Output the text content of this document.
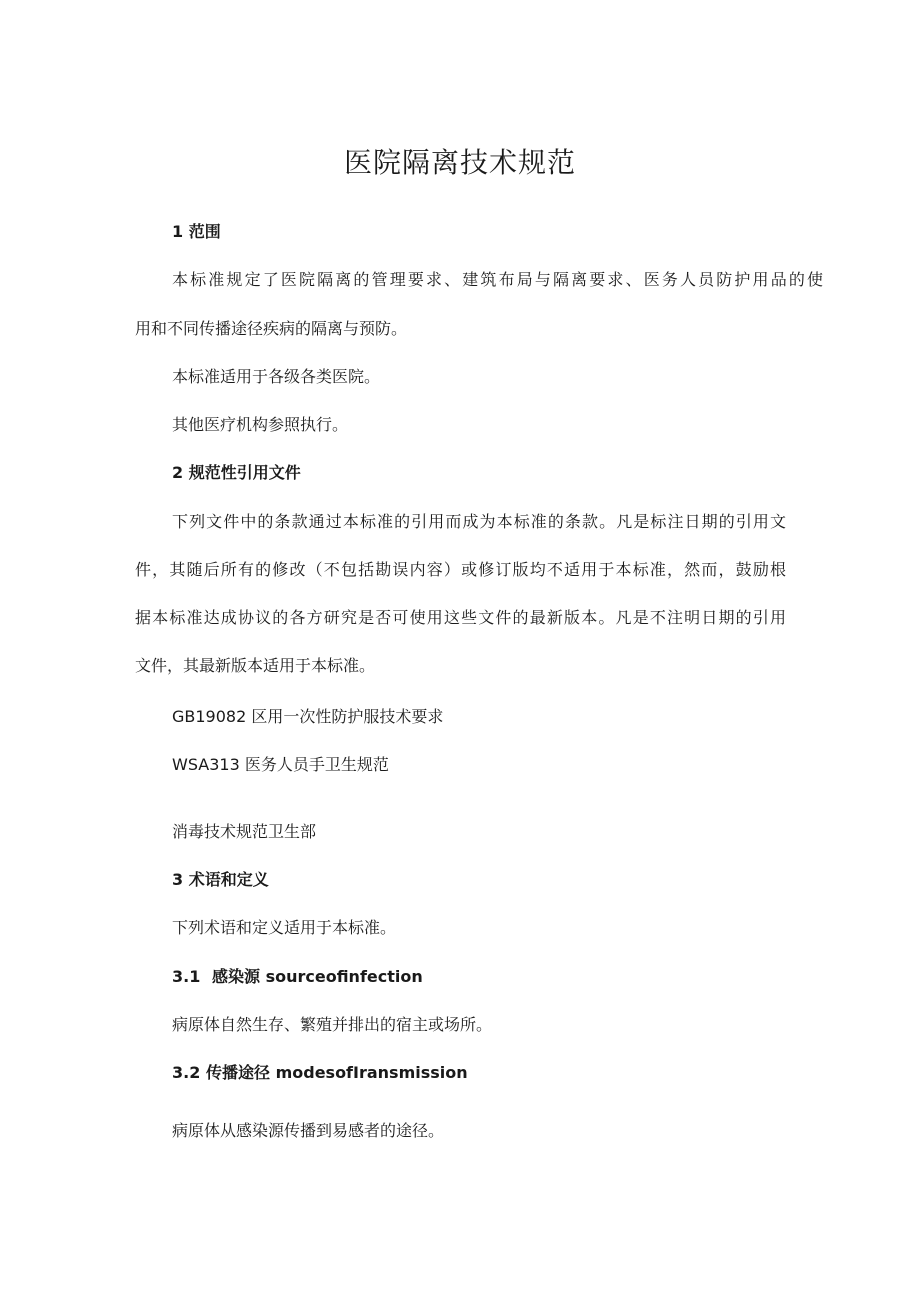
医院隔离技术规范
1 范围
本标准规定了医院隔离的管理要求、建筑布局与隔离要求、医务人员防护用品的使
用和不同传播途径疾病的隔离与预防。
本标准适用于各级各类医院。
其他医疗机构参照执行。
2 规范性引用文件
下列文件中的条款通过本标准的引用而成为本标准的条款。凡是标注日期的引用文
件，其随后所有的修改（不包括勘误内容）或修订版均不适用于本标准，然而，鼓励根
据本标准达成协议的各方研究是否可使用这些文件的最新版本。凡是不注明日期的引用
文件，其最新版本适用于本标准。
GB19082 区用一次性防护服技术要求
WSA313 医务人员手卫生规范
消毒技术规范卫生部
3 术语和定义
下列术语和定义适用于本标准。
3.1 感染源 sourceofinfection
病原体自然生存、繁殖并排出的宿主或场所。
3.2 传播途径 modesofIransmission
病原体从感染源传播到易感者的途径。
